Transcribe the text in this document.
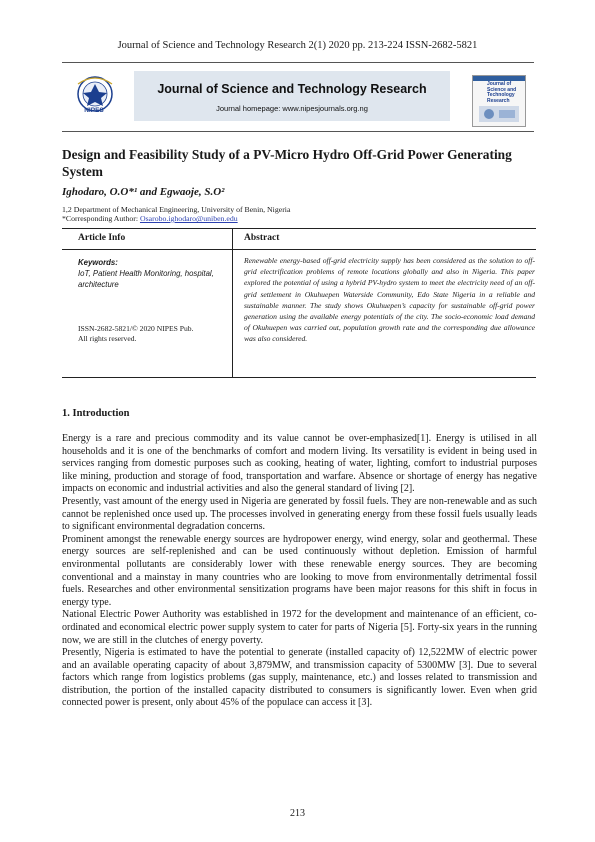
Journal of Science and Technology Research 2(1) 2020 pp. 213-224 ISSN-2682-5821
NIPES
Journal of Science and Technology Research
Journal homepage: www.nipesjournals.org.ng
Journal of Science and Technology Research
Design and Feasibility Study of a PV-Micro Hydro Off-Grid Power Generating System
Ighodaro, O.O*¹ and Egwaoje, S.O²
1,2 Department of Mechanical Engineering, University of Benin, Nigeria
*Corresponding Author: Osarobo.ighodaro@uniben.edu
Article Info
Keywords:
IoT, Patient Health Monitoring, hospital, architecture
ISSN-2682-5821/© 2020 NIPES Pub.
All rights reserved.
Abstract
Renewable energy-based off-grid electricity supply has been considered as the solution to off-grid electrification problems of remote locations globally and also in Nigeria. This paper explored the potential of using a hybrid PV-hydro system to meet the electricity need of an off-grid settlement in Okuhuepen Waterside Community, Edo State Nigeria in a reliable and sustainable manner. The study shows Okuhuepen’s capacity for sustainable off-grid power generation using the available energy potentials of the city. The socio-economic load demand of Okuhuepen was carried out, population growth rate and the corresponding due allowance was also considered.
1. Introduction

Energy is a rare and precious commodity and its value cannot be over-emphasized[1]. Energy is utilised in all households and it is one of the benchmarks of comfort and modern living. Its versatility is evident in being used in services ranging from domestic purposes such as cooking, heating of water, lighting, comfort to industrial purposes like mining, production and storage of food, transportation and warfare. Absence or shortage of energy has negative impacts on economic and industrial activities and also the general standard of living [2].

Presently, vast amount of the energy used in Nigeria are generated by fossil fuels. They are non-renewable and as such cannot be replenished once used up. The processes involved in generating energy from these fossil fuels usually leads to significant environmental degradation concerns.

Prominent amongst the renewable energy sources are hydropower energy, wind energy, solar and geothermal. These energy sources are self-replenished and can be used continuously without depletion. Emission of harmful environmental pollutants are considerably lower with these renewable energy sources. They are becoming conventional and a mainstay in many countries who are looking to move from environmentally detrimental fossil fuels. Researches and other environmental sensitization programs have been major reasons for this shift in focus in energy type.

National Electric Power Authority was established in 1972 for the development and maintenance of an efficient, co-ordinated and economical electric power supply system to cater for parts of Nigeria [5]. Forty-six years in the running now, we are still in the clutches of energy poverty.

Presently, Nigeria is estimated to have the potential to generate (installed capacity of) 12,522MW of electric power and an available operating capacity of about 3,879MW, and transmission capacity of 5300MW [3]. Due to several factors which range from logistics problems (gas supply, maintenance, etc.) and losses related to transmission and distribution, the portion of the installed capacity distributed to consumers is significantly lower. Even when grid connected power is present, only about 45% of the populace can access it [3].

213
